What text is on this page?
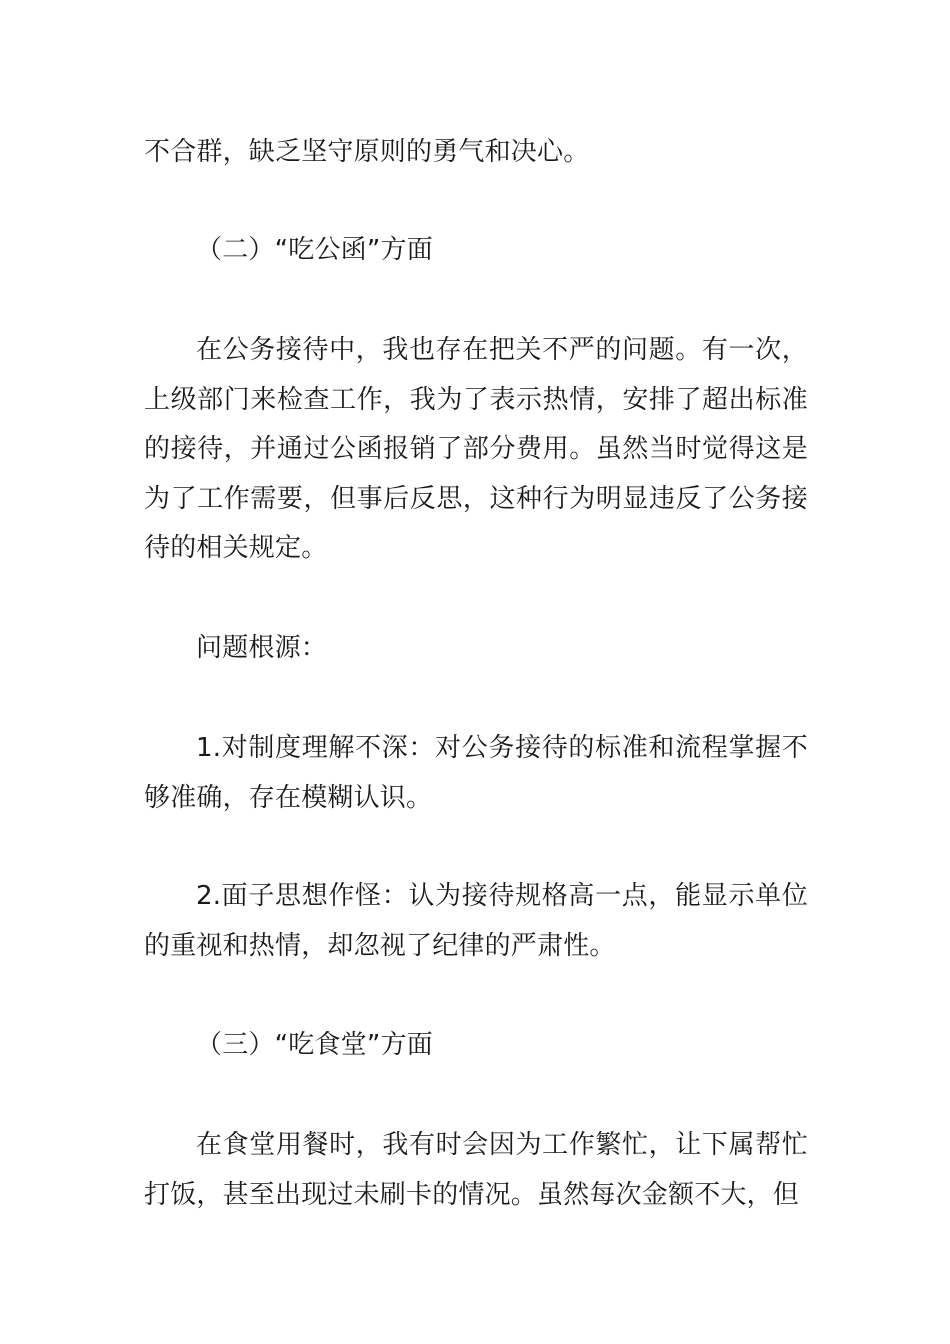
不合群，缺乏坚守原则的勇气和决心。

（二）“吃公函”方面

在公务接待中，我也存在把关不严的问题。有一次，上级部门来检查工作，我为了表示热情，安排了超出标准的接待，并通过公函报销了部分费用。虽然当时觉得这是为了工作需要，但事后反思，这种行为明显违反了公务接待的相关规定。

问题根源：

1.对制度理解不深：对公务接待的标准和流程掌握不够准确，存在模糊认识。

2.面子思想作怪：认为接待规格高一点，能显示单位的重视和热情，却忽视了纪律的严肃性。

（三）“吃食堂”方面

在食堂用餐时，我有时会因为工作繁忙，让下属帮忙打饭，甚至出现过未刷卡的情况。虽然每次金额不大，但
